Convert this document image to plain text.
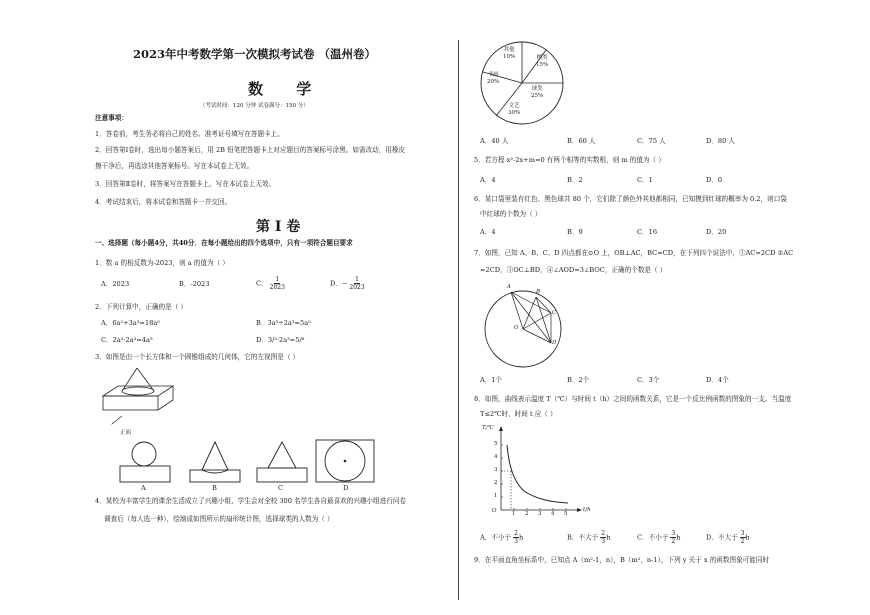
2023年中考数学第一次模拟考试卷 （温州卷）
数 学
（考试时间：120 分钟 试卷满分：150 分）
注意事项：
1．答卷前，考生务必将自己的姓名、准考证号填写在答题卡上。
2．回答第Ⅰ卷时，选出每小题答案后，用 2B 铅笔把答题卡上对应题目的答案标号涂黑。如需改动，用橡皮
擦干净后，再选涂其他答案标号。写在本试卷上无效。
3．回答第Ⅱ卷时，将答案写在答题卡上。写在本试卷上无效。
4．考试结束后，将本试卷和答题卡一并交回。
第 I 卷
一、选择题（每小题4分，共40分．在每小题给出的四个选项中，只有一项符合题目要求
1．数 a 的相反数为-2023，则 a 的值为（ ）
A．2023	B．-2023	C． $\frac{1}{2023}$	D．− $\frac{1}{2023}$
2．下列计算中，正确的是（ ）
A．6a²+3a³=18a⁵	B．3a⁵÷2a³=5a⁵
C．2a³·2a³=4a⁹	D．3/²·2a³=5/⁶
3．如图是由一个长方体和一个圆锥组成的几何体，它的左视图是（ ）
正面
A	B	C	D
4．某校为丰富学生的课余生活成立了兴趣小组，学生会对全校 300 名学生各自最喜欢的兴趣小组进行问卷
调查后（每人选一种），绘制成如图所示的扇形统计图，选择球类的人数为（ ）
其他
10%	棋类
15%
球类
25%
文艺
30%
书画
20%
A．40 人	B．60 人	C．75 人	D．80 人
5．若方程 x²-2x+m=0 有两个相等的实数根，则 m 的值为（ ）
A．4	B．2	C．1	D．0
6．某口袋里装有红色、黑色球共 80 个，它们除了颜色外其他都相同，已知摸到红球的概率为 0.2，则口袋
中红球的个数为（ ）
A．4	B．9	C．16	D．20
7．如图，已知 A、B、C、D 四点都在⊙O 上，OB⊥AC，BC=CD，在下列四个说法中，①AC=2CD ②AC
=2CD，③OC⊥BD，④∠AOD=3∠BOC，正确的个数是（ ）
A
B
C
D
O
A．1个	B．2个	C．3个	D．4个
8．如图，曲线表示温度 T（℃）与时间 t（h）之间的函数关系，它是一个反比例函数的图象的一支。当温度
T≤2℃时，时间 t 应（ ）
T/℃
t/h
1
2
3
4
5
1 2 3 4 5
O
A．不小于 $\frac{2}{3}$ h	B．不大于 $\frac{2}{3}$ h	C．不小于 $\frac{3}{2}$ h	D．不大于 $\frac{3}{2}$ h
9．在平面直角坐标系中，已知点 A（m²-1，n），B（m²，n-1），下列 y 关于 x 的函数图象可能同时
